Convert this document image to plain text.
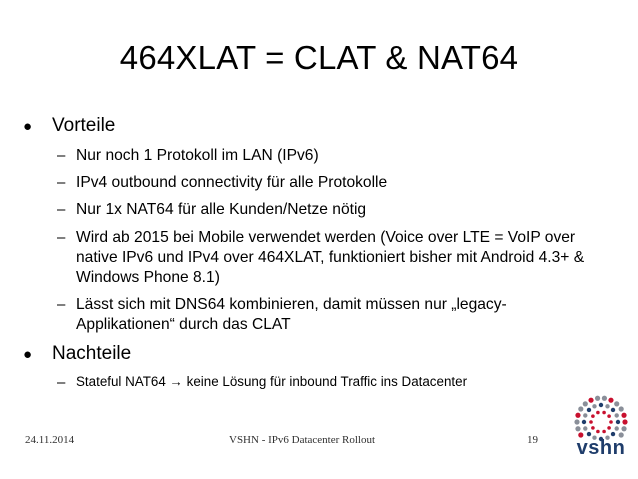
464XLAT = CLAT & NAT64
●	Vorteile
– Nur noch 1 Protokoll im LAN (IPv6)
– IPv4 outbound connectivity für alle Protokolle
– Nur 1x NAT64 für alle Kunden/Netze nötig
– Wird ab 2015 bei Mobile verwendet werden (Voice over LTE = VoIP over native IPv6 und IPv4 over 464XLAT, funktioniert bisher mit Android 4.3+ & Windows Phone 8.1)
– Lässt sich mit DNS64 kombinieren, damit müssen nur „legacy-Applikationen“ durch das CLAT
●	Nachteile
– Stateful NAT64 → keine Lösung für inbound Traffic ins Datacenter
24.11.2014	VSHN - IPv6 Datacenter Rollout	19 vshn
